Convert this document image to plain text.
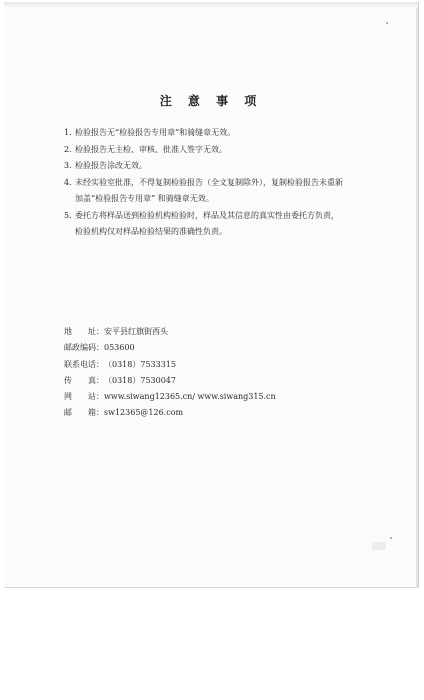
注 意 事 项
1. 检验报告无“检验报告专用章”和骑缝章无效。
2. 检验报告无主检、审核、批准人签字无效。
3. 检验报告涂改无效。
4. 未经实验室批准，不得复制检验报告（全文复制除外），复制检验报告未重新
加盖“检验报告专用章” 和骑缝章无效。
5. 委托方将样品送到检验机构检验时，样品及其信息的真实性由委托方负责，
检验机构仅对样品检验结果的准确性负责。
地　　址： 安平县红旗街西头
邮政编码： 053600
联系电话： （0318）7533315
传　　真： （0318）7530047
网　　站： www.siwang12365.cn/ www.siwang315.cn
邮　　箱： sw12365@126.com
